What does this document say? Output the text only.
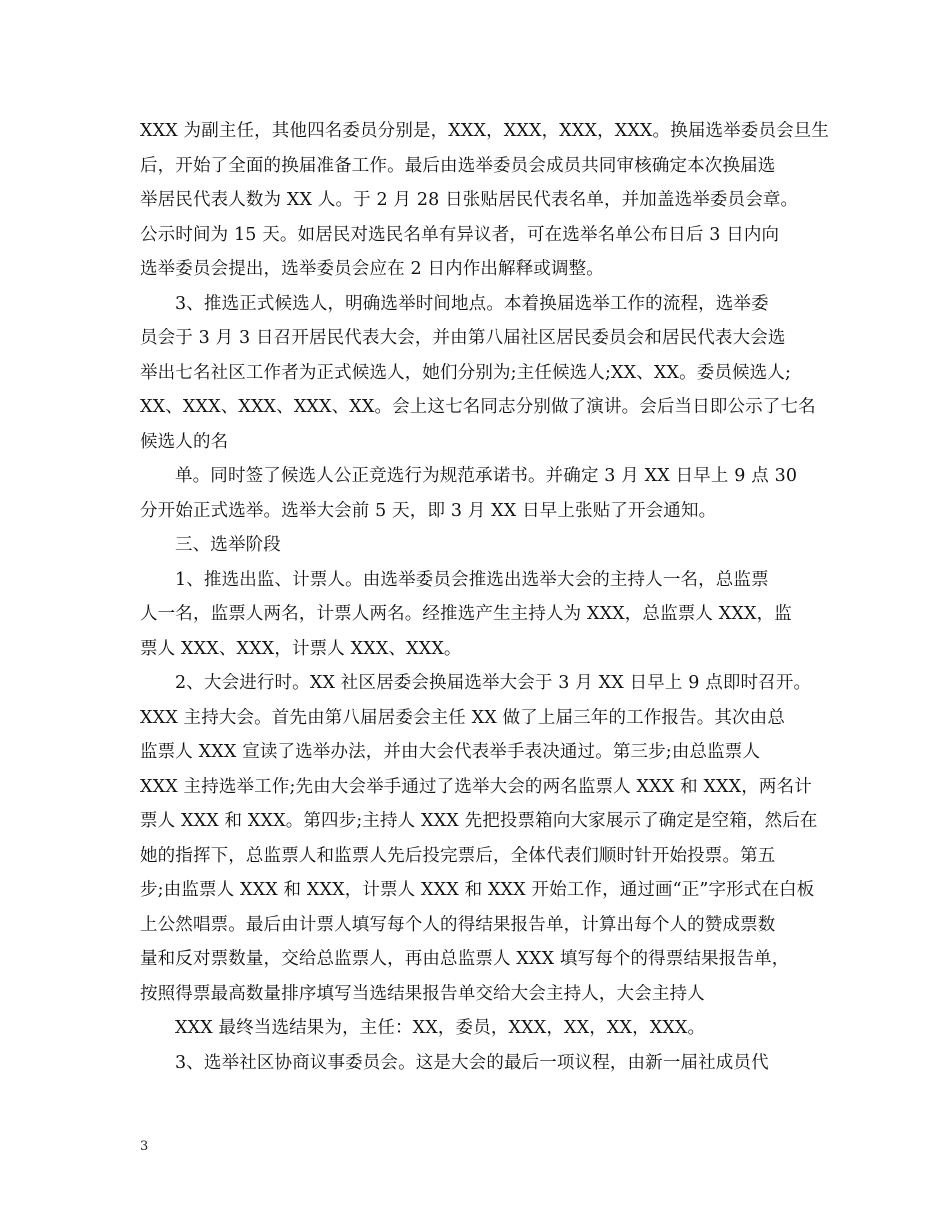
XXX 为副主任，其他四名委员分别是，XXX，XXX，XXX，XXX。换届选举委员会旦生
后，开始了全面的换届准备工作。最后由选举委员会成员共同审核确定本次换届选
举居民代表人数为 XX 人。于 2 月 28 日张贴居民代表名单，并加盖选举委员会章。
公示时间为 15 天。如居民对选民名单有异议者，可在选举名单公布日后 3 日内向
选举委员会提出，选举委员会应在 2 日内作出解释或调整。
3、推选正式候选人，明确选举时间地点。本着换届选举工作的流程，选举委
员会于 3 月 3 日召开居民代表大会，并由第八届社区居民委员会和居民代表大会选
举出七名社区工作者为正式候选人，她们分别为;主任候选人;XX、XX。委员候选人;
XX、XXX、XXX、XXX、XX。会上这七名同志分别做了演讲。会后当日即公示了七名
候选人的名
单。同时签了候选人公正竞选行为规范承诺书。并确定 3 月 XX 日早上 9 点 30
分开始正式选举。选举大会前 5 天，即 3 月 XX 日早上张贴了开会通知。
三、选举阶段
1、推选出监、计票人。由选举委员会推选出选举大会的主持人一名，总监票
人一名，监票人两名，计票人两名。经推选产生主持人为 XXX，总监票人 XXX，监
票人 XXX、XXX，计票人 XXX、XXX。
2、大会进行时。XX 社区居委会换届选举大会于 3 月 XX 日早上 9 点即时召开。
XXX 主持大会。首先由第八届居委会主任 XX 做了上届三年的工作报告。其次由总
监票人 XXX 宣读了选举办法，并由大会代表举手表决通过。第三步;由总监票人
XXX 主持选举工作;先由大会举手通过了选举大会的两名监票人 XXX 和 XXX，两名计
票人 XXX 和 XXX。第四步;主持人 XXX 先把投票箱向大家展示了确定是空箱，然后在
她的指挥下，总监票人和监票人先后投完票后，全体代表们顺时针开始投票。第五
步;由监票人 XXX 和 XXX，计票人 XXX 和 XXX 开始工作，通过画“正”字形式在白板
上公然唱票。最后由计票人填写每个人的得结果报告单，计算出每个人的赞成票数
量和反对票数量，交给总监票人，再由总监票人 XXX 填写每个的得票结果报告单，
按照得票最高数量排序填写当选结果报告单交给大会主持人，大会主持人
XXX 最终当选结果为，主任：XX，委员，XXX，XX，XX，XXX。
3、选举社区协商议事委员会。这是大会的最后一项议程，由新一届社成员代
3
